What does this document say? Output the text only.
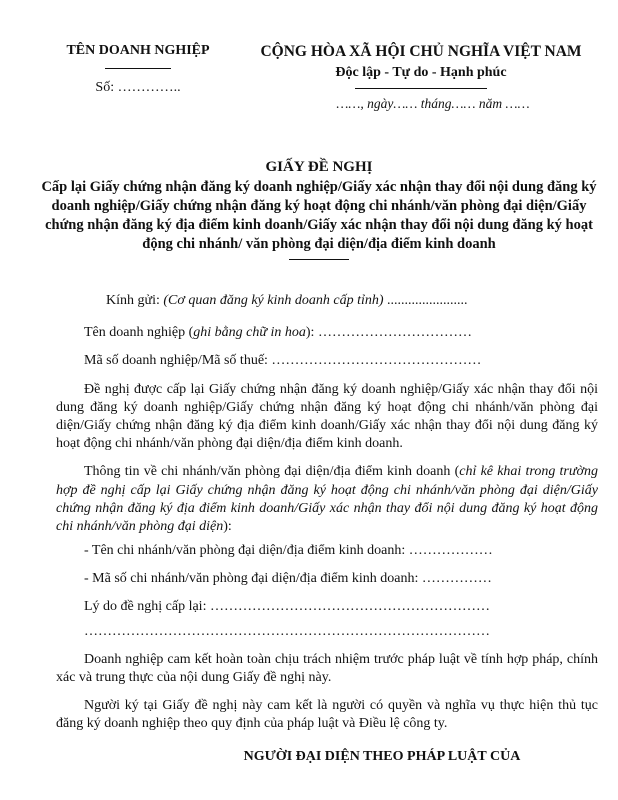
TÊN DOANH NGHIỆP
Số: …………..
CỘNG HÒA XÃ HỘI CHỦ NGHĨA VIỆT NAM
Độc lập - Tự do - Hạnh phúc
……, ngày…… tháng…… năm ……
GIẤY ĐỀ NGHỊ
Cấp lại Giấy chứng nhận đăng ký doanh nghiệp/Giấy xác nhận thay đổi nội dung đăng ký doanh nghiệp/Giấy chứng nhận đăng ký hoạt động chi nhánh/văn phòng đại diện/Giấy chứng nhận đăng ký địa điểm kinh doanh/Giấy xác nhận thay đổi nội dung đăng ký hoạt động chi nhánh/ văn phòng đại diện/địa điểm kinh doanh
Kính gửi: (Cơ quan đăng ký kinh doanh cấp tỉnh) .......................
Tên doanh nghiệp (ghi bằng chữ in hoa): ……………………………
Mã số doanh nghiệp/Mã số thuế: ………………………………………
Đề nghị được cấp lại Giấy chứng nhận đăng ký doanh nghiệp/Giấy xác nhận thay đổi nội dung đăng ký doanh nghiệp/Giấy chứng nhận đăng ký hoạt động chi nhánh/văn phòng đại diện/Giấy chứng nhận đăng ký địa điểm kinh doanh/Giấy xác nhận thay đổi nội dung đăng ký hoạt động chi nhánh/văn phòng đại diện/địa điểm kinh doanh.
Thông tin về chi nhánh/văn phòng đại diện/địa điểm kinh doanh (chỉ kê khai trong trường hợp đề nghị cấp lại Giấy chứng nhận đăng ký hoạt động chi nhánh/văn phòng đại diện/Giấy chứng nhận đăng ký địa điểm kinh doanh/Giấy xác nhận thay đổi nội dung đăng ký hoạt động chi nhánh/văn phòng đại diện):
- Tên chi nhánh/văn phòng đại diện/địa điểm kinh doanh: ………………
- Mã số chi nhánh/văn phòng đại diện/địa điểm kinh doanh: ……………
Lý do đề nghị cấp lại: ……………………………………………………
……………………………………………………………………………
Doanh nghiệp cam kết hoàn toàn chịu trách nhiệm trước pháp luật về tính hợp pháp, chính xác và trung thực của nội dung Giấy đề nghị này.
Người ký tại Giấy đề nghị này cam kết là người có quyền và nghĩa vụ thực hiện thủ tục đăng ký doanh nghiệp theo quy định của pháp luật và Điều lệ công ty.
NGƯỜI ĐẠI DIỆN THEO PHÁP LUẬT CỦA
